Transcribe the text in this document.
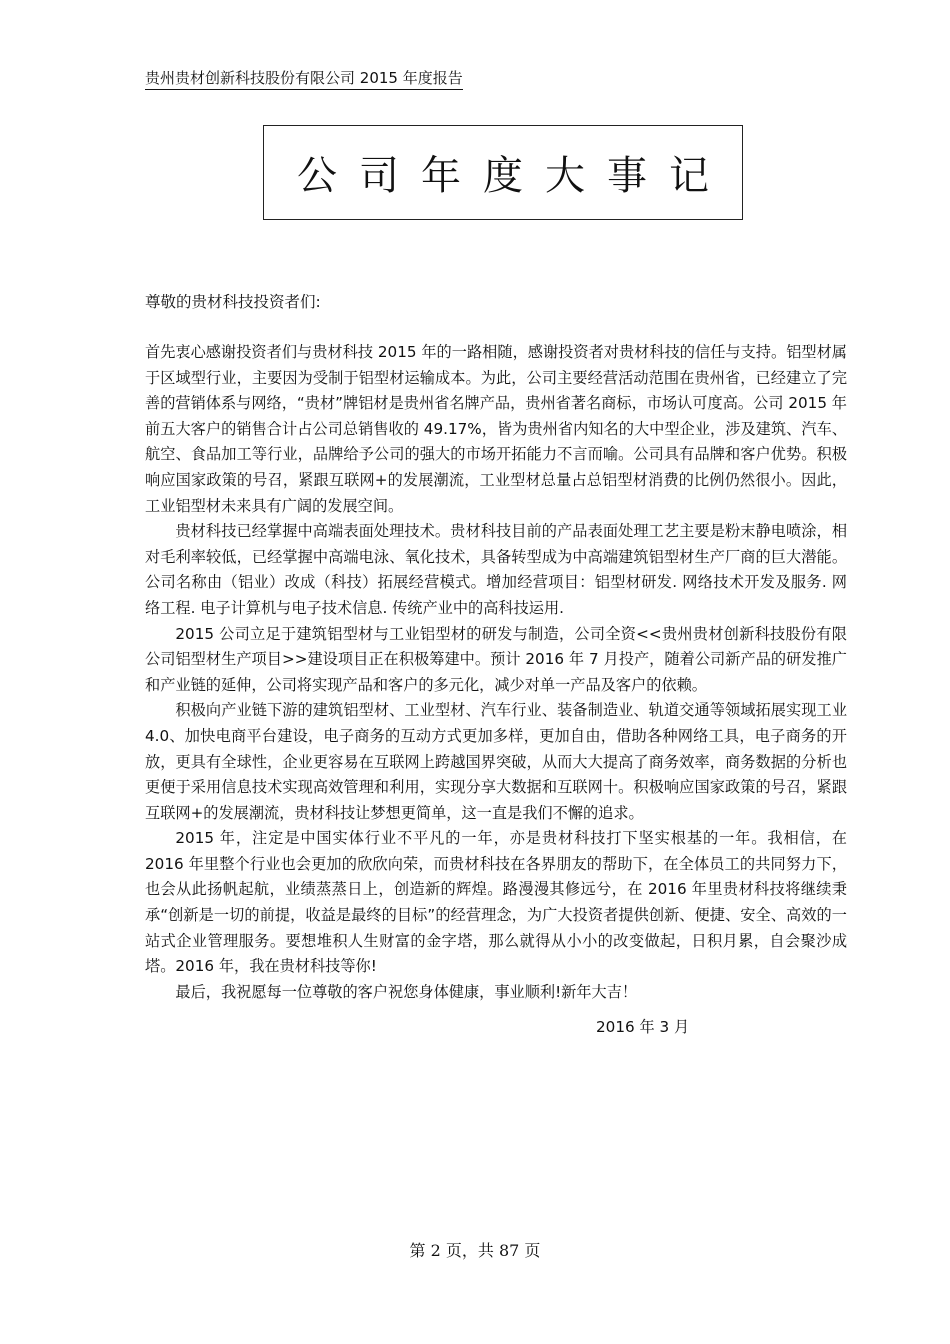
贵州贵材创新科技股份有限公司 2015 年度报告
公司年度大事记
尊敬的贵材科技投资者们:

首先衷心感谢投资者们与贵材科技 2015 年的一路相随，感谢投资者对贵材科技的信任与支持。铝型材属于区域型行业，主要因为受制于铝型材运输成本。为此，公司主要经营活动范围在贵州省，已经建立了完善的营销体系与网络，“贵材”牌铝材是贵州省名牌产品，贵州省著名商标，市场认可度高。公司 2015 年前五大客户的销售合计占公司总销售收的 49.17%，皆为贵州省内知名的大中型企业，涉及建筑、汽车、航空、食品加工等行业，品牌给予公司的强大的市场开拓能力不言而喻。公司具有品牌和客户优势。积极响应国家政策的号召，紧跟互联网+的发展潮流，工业型材总量占总铝型材消费的比例仍然很小。因此，工业铝型材未来具有广阔的发展空间。

贵材科技已经掌握中高端表面处理技术。贵材科技目前的产品表面处理工艺主要是粉末静电喷涂，相对毛利率较低，已经掌握中高端电泳、氧化技术，具备转型成为中高端建筑铝型材生产厂商的巨大潜能。公司名称由（铝业）改成（科技）拓展经营模式。增加经营项目：铝型材研发. 网络技术开发及服务. 网络工程. 电子计算机与电子技术信息. 传统产业中的高科技运用.

2015 公司立足于建筑铝型材与工业铝型材的研发与制造，公司全资<<贵州贵材创新科技股份有限公司铝型材生产项目>>建设项目正在积极筹建中。预计 2016 年 7 月投产，随着公司新产品的研发推广和产业链的延伸，公司将实现产品和客户的多元化，减少对单一产品及客户的依赖。

积极向产业链下游的建筑铝型材、工业型材、汽车行业、装备制造业、轨道交通等领域拓展实现工业 4.0、加快电商平台建设，电子商务的互动方式更加多样，更加自由，借助各种网络工具，电子商务的开放，更具有全球性，企业更容易在互联网上跨越国界突破，从而大大提高了商务效率，商务数据的分析也更便于采用信息技术实现高效管理和利用，实现分享大数据和互联网十。积极响应国家政策的号召，紧跟互联网+的发展潮流，贵材科技让梦想更简单，这一直是我们不懈的追求。

2015 年，注定是中国实体行业不平凡的一年，亦是贵材科技打下坚实根基的一年。我相信，在 2016 年里整个行业也会更加的欣欣向荣，而贵材科技在各界朋友的帮助下，在全体员工的共同努力下，也会从此扬帆起航，业绩蒸蒸日上，创造新的辉煌。路漫漫其修远兮，在 2016 年里贵材科技将继续秉承“创新是一切的前提，收益是最终的目标”的经营理念，为广大投资者提供创新、便捷、安全、高效的一站式企业管理服务。要想堆积人生财富的金字塔，那么就得从小小的改变做起，日积月累，自会聚沙成塔。2016 年，我在贵材科技等你!

最后，我祝愿每一位尊敬的客户祝您身体健康，事业顺利!新年大吉！

2016 年 3 月
第 2 页，共 87 页
